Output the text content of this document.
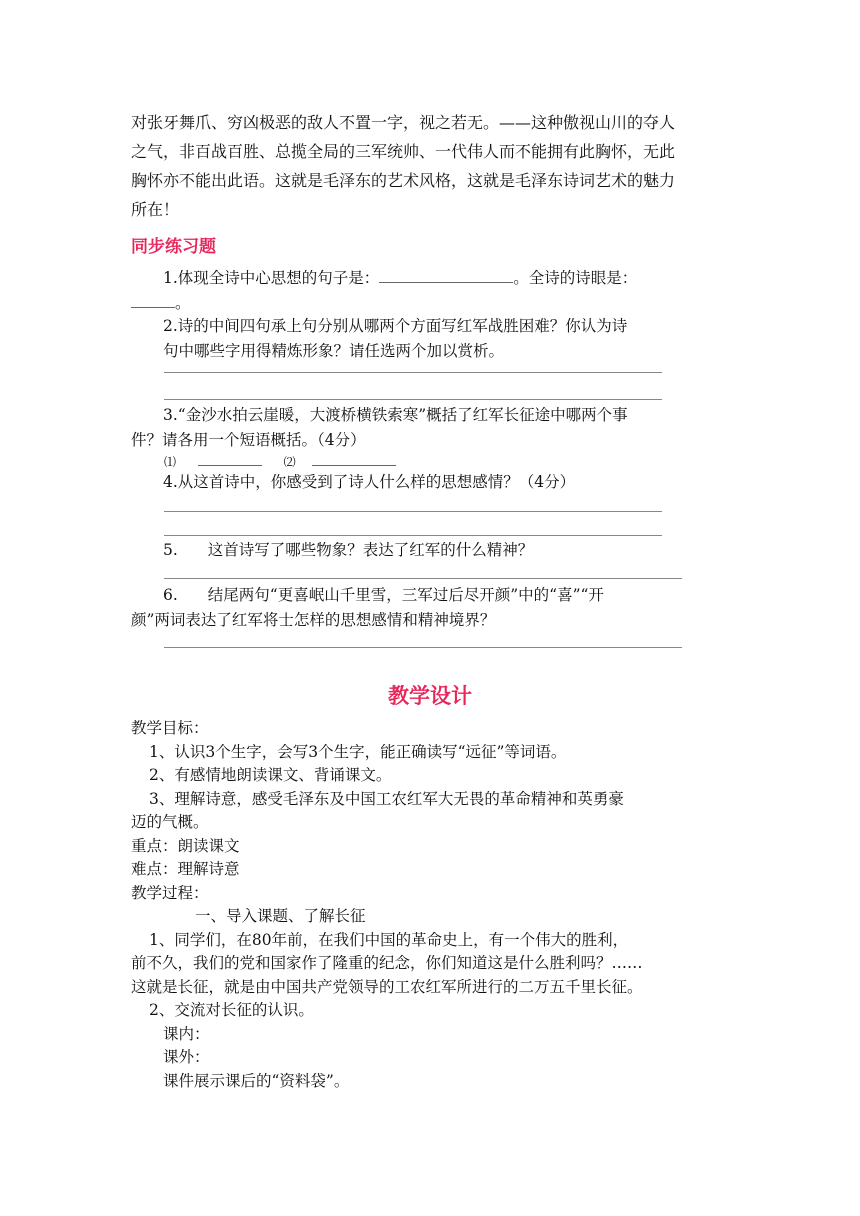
对张牙舞爪、穷凶极恶的敌人不置一字，视之若无。——这种傲视山川的夺人
之气，非百战百胜、总揽全局的三军统帅、一代伟人而不能拥有此胸怀，无此
胸怀亦不能出此语。这就是毛泽东的艺术风格，这就是毛泽东诗词艺术的魅力
所在！
同步练习题
1.体现全诗中心思想的句子是：	。全诗的诗眼是：
。
2.诗的中间四句承上句分别从哪两个方面写红军战胜困难？你认为诗
句中哪些字用得精炼形象？请任选两个加以赏析。
3.“金沙水拍云崖暖，大渡桥横铁索寒”概括了红军长征途中哪两个事
件？请各用一个短语概括。（4分）
⑴	⑵
4.从这首诗中，你感受到了诗人什么样的思想感情？（4分）
5. 这首诗写了哪些物象？表达了红军的什么精神？
6. 结尾两句“更喜岷山千里雪，三军过后尽开颜”中的“喜”“开
颜”两词表达了红军将士怎样的思想感情和精神境界？
教学设计
教学目标：
1、认识3个生字，会写3个生字，能正确读写“远征”等词语。
2、有感情地朗读课文、背诵课文。
3、理解诗意，感受毛泽东及中国工农红军大无畏的革命精神和英勇豪
迈的气概。
重点：朗读课文
难点：理解诗意
教学过程：
一、导入课题、了解长征
1、同学们，在80年前，在我们中国的革命史上，有一个伟大的胜利，
前不久，我们的党和国家作了隆重的纪念，你们知道这是什么胜利吗？……
这就是长征，就是由中国共产党领导的工农红军所进行的二万五千里长征。
2、交流对长征的认识。
课内：
课外：
课件展示课后的“资料袋”。
